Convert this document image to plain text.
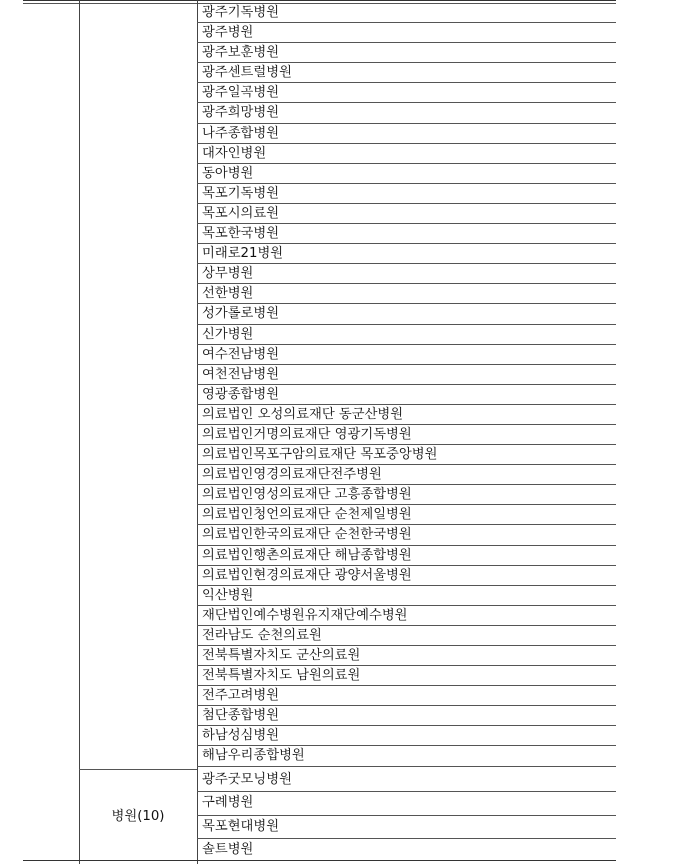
광주기독병원
광주병원
광주보훈병원
광주센트럴병원
광주일곡병원
광주희망병원
나주종합병원
대자인병원
동아병원
목포기독병원
목포시의료원
목포한국병원
미래로21병원
상무병원
선한병원
성가롤로병원
신가병원
여수전남병원
여천전남병원
영광종합병원
의료법인 오성의료재단 동군산병원
의료법인거명의료재단 영광기독병원
의료법인목포구암의료재단 목포중앙병원
의료법인영경의료재단전주병원
의료법인영성의료재단 고흥종합병원
의료법인청언의료재단 순천제일병원
의료법인한국의료재단 순천한국병원
의료법인행촌의료재단 해남종합병원
의료법인현경의료재단 광양서울병원
익산병원
재단법인예수병원유지재단예수병원
전라남도 순천의료원
전북특별자치도 군산의료원
전북특별자치도 남원의료원
전주고려병원
첨단종합병원
하남성심병원
해남우리종합병원
병원(10)
광주굿모닝병원
구례병원
목포현대병원
솔트병원
